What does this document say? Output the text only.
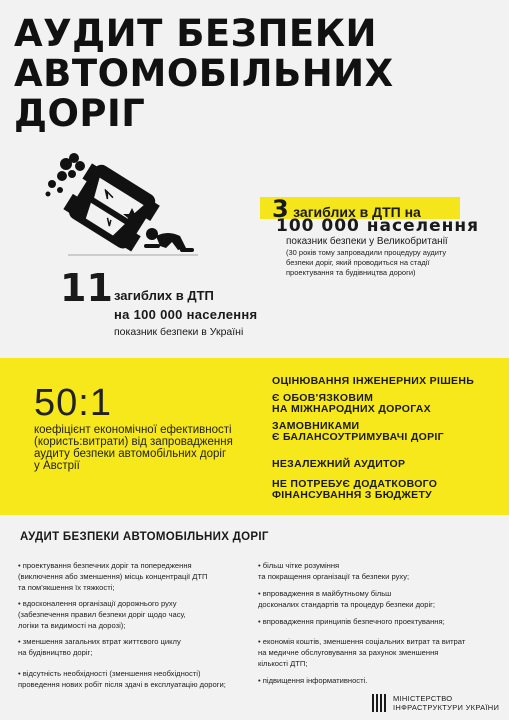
АУДИТ БЕЗПЕКИ
АВТОМОБІЛЬНИХ
ДОРІГ
3 загиблих в ДТП на
100 000 населення
показник безпеки у Великобританії
(30 років тому запровадили процедуру аудиту безпеки доріг, який проводиться на стадії проектування та будівництва дороги)
11 загиблих в ДТП
на 100 000 населення
показник безпеки в Україні
50:1
коефіцієнт економічної ефективності (користь:витрати) від запровадження аудиту безпеки автомобільних доріг у Австрії
ОЦІНЮВАННЯ ІНЖЕНЕРНИХ РІШЕНЬ
Є ОБОВ'ЯЗКОВИМ
НА МІЖНАРОДНИХ ДОРОГАХ
ЗАМОВНИКАМИ
Є БАЛАНСОУТРИМУВАЧІ ДОРІГ
НЕЗАЛЕЖНИЙ АУДИТОР
НЕ ПОТРЕБУЄ ДОДАТКОВОГО
ФІНАНСУВАННЯ З БЮДЖЕТУ
АУДИТ БЕЗПЕКИ АВТОМОБІЛЬНИХ ДОРІГ
• проектування безпечних доріг та попередження
(виключення або зменшення) місць концентрації ДТП
та пом'якшення їх тяжкості;
• вдосконалення організації дорожнього руху
(забезпечення правил безпеки доріг щодо часу,
логіки та видимості на дорозі);
• зменшення загальних втрат життєвого циклу
на будівництво доріг;
• відсутність необхідності (зменшення необхідності)
проведення нових робіт після здачі в експлуатацію дороги;
• більш чітке розуміння
та покращення організації та безпеки руху;
• впровадження в майбутньому більш
досконалих стандартів та процедур безпеки доріг;
• впровадження принципів безпечного проектування;
• економія коштів, зменшення соціальних витрат та витрат
на медичне обслуговування за рахунок зменшення
кількості ДТП;
• підвищення інформативності.
МІНІСТЕРСТВО
ІНФРАСТРУКТУРИ УКРАЇНИ
